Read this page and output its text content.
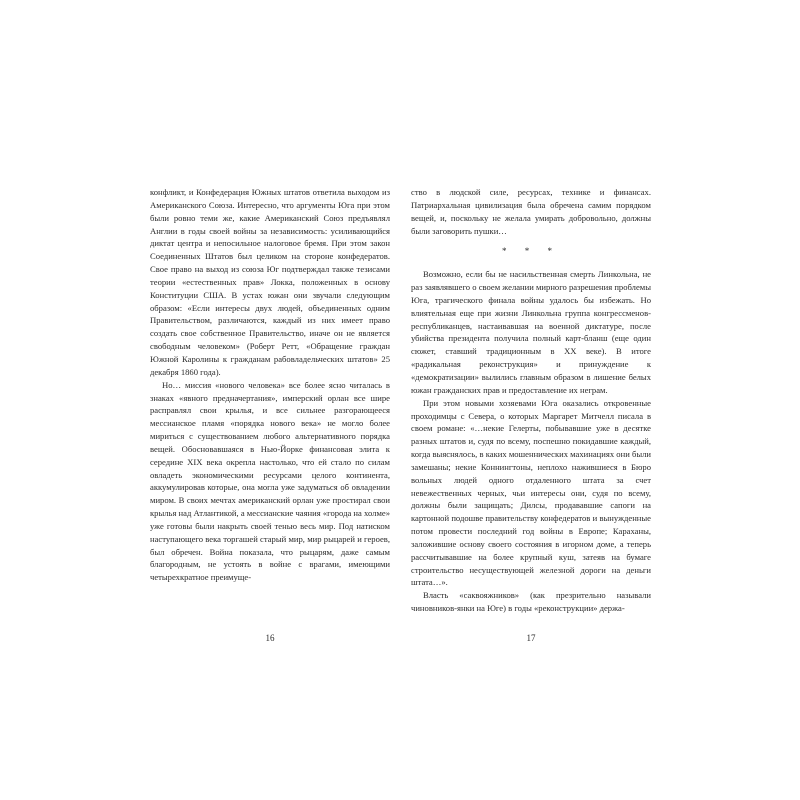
конфликт, и Конфедерация Южных штатов ответила выходом из Американского Союза. Интересно, что аргументы Юга при этом были ровно теми же, какие Американский Союз предъявлял Англии в годы своей войны за независимость: усиливающийся диктат центра и непосильное налоговое бремя. При этом закон Соединенных Штатов был целиком на стороне конфедератов. Свое право на выход из союза Юг подтверждал также тезисами теории «естественных прав» Локка, положенных в основу Конституции США. В устах южан они звучали следующим образом: «Если интересы двух людей, объединенных одним Правительством, различаются, каждый из них имеет право создать свое собственное Правительство, иначе он не является свободным человеком» (Роберт Ретт, «Обращение граждан Южной Каролины к гражданам рабовладельческих штатов» 25 декабря 1860 года).

Но… миссия «нового человека» все более ясно читалась в знаках «явного предначертания», имперский орлан все шире расправлял свои крылья, и все сильнее разгорающееся мессианское пламя «порядка нового века» не могло более мириться с существованием любого альтернативного порядка вещей. Обосновавшаяся в Нью-Йорке финансовая элита к середине XIX века окрепла настолько, что ей стало по силам овладеть экономическими ресурсами целого континента, аккумулировав которые, она могла уже задуматься об овладении миром. В своих мечтах американский орлан уже простирал свои крылья над Атлантикой, а мессианские чаяния «города на холме» уже готовы были накрыть своей тенью весь мир. Под натиском наступающего века торгашей старый мир, мир рыцарей и героев, был обречен. Война показала, что рыцарям, даже самым благородным, не устоять в войне с врагами, имеющими четырехкратное преимуще-

16

ство в людской силе, ресурсах, технике и финансах. Патриархальная цивилизация была обречена самим порядком вещей, и, поскольку не желала умирать добровольно, должны были заговорить пушки…

* * *

Возможно, если бы не насильственная смерть Линкольна, не раз заявлявшего о своем желании мирного разрешения проблемы Юга, трагического финала войны удалось бы избежать. Но влиятельная еще при жизни Линкольна группа конгрессменов-республиканцев, настаивавшая на военной диктатуре, после убийства президента получила полный карт-бланш (еще один сюжет, ставший традиционным в XX веке). В итоге «радикальная реконструкция» и принуждение к «демократизации» вылились главным образом в лишение белых южан гражданских прав и предоставление их неграм.

При этом новыми хозяевами Юга оказались откровенные проходимцы с Севера, о которых Маргарет Митчелл писала в своем романе: «…некие Гелерты, побывавшие уже в десятке разных штатов и, судя по всему, поспешно покидавшие каждый, когда выяснялось, в каких мошеннических махинациях они были замешаны; некие Коннингтоны, неплохо нажившиеся в Бюро вольных людей одного отдаленного штата за счет невежественных черных, чьи интересы они, судя по всему, должны были защищать; Дилсы, продававшие сапоги на картонной подошве правительству конфедератов и вынужденные потом провести последний год войны в Европе; Караханы, заложившие основу своего состояния в игорном доме, а теперь рассчитывавшие на более крупный куш, затеяв на бумаге строительство несуществующей железной дороги на деньги штата…».

Власть «саквояжников» (как презрительно называли чиновников-янки на Юге) в годы «реконструкции» держа-

17
